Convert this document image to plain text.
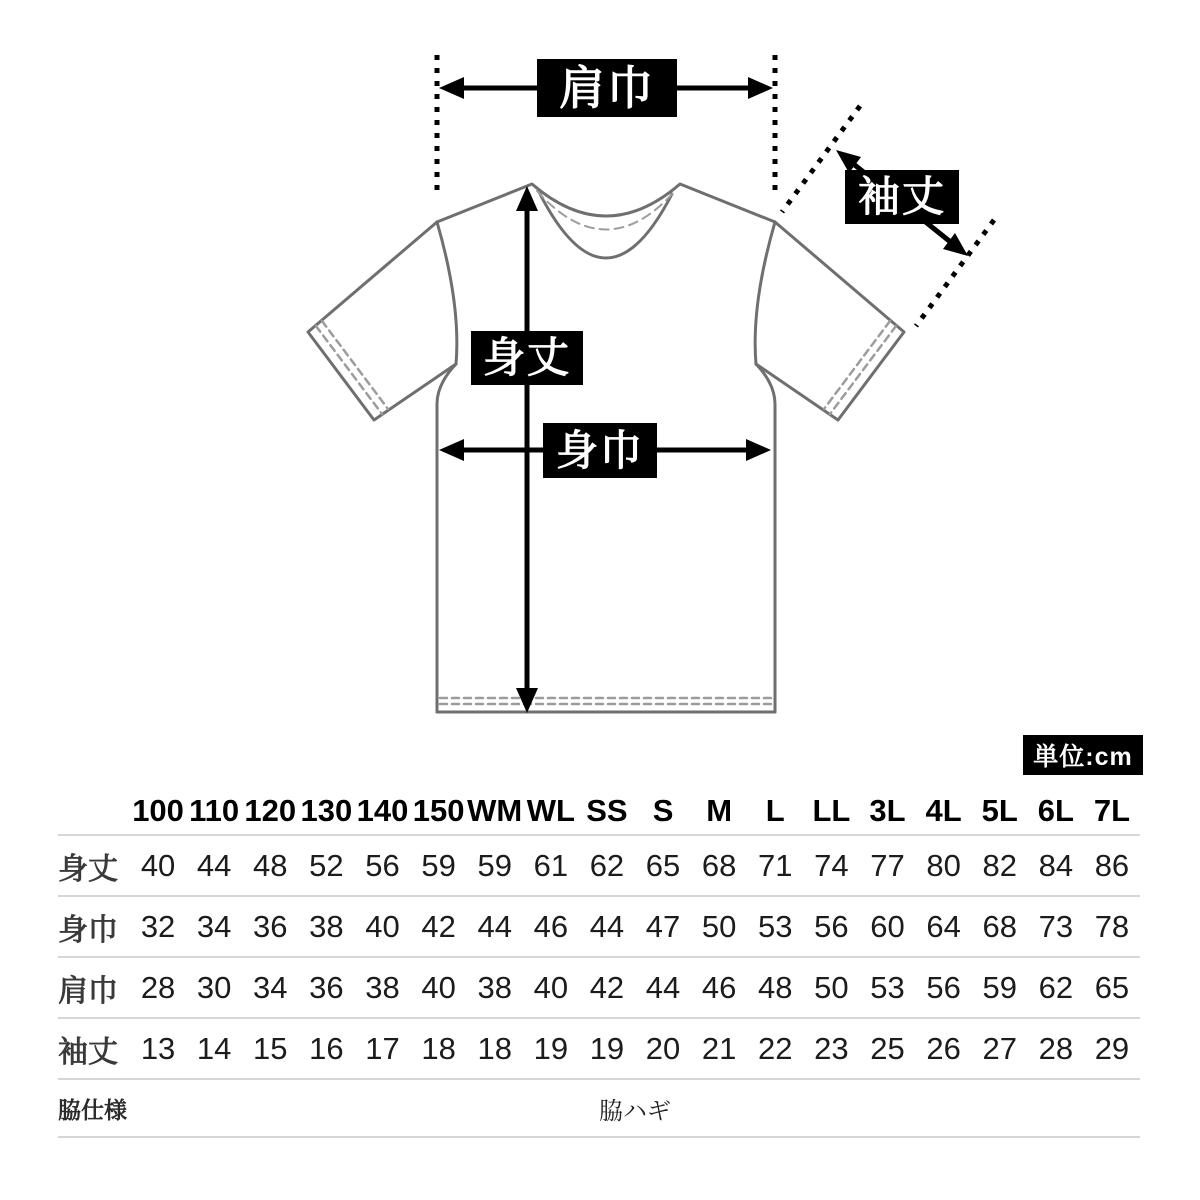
肩巾
袖丈
身丈
身巾
単位:cm
100 110 120 130 140 150 WM WL SS S	M	L LL 3L 4L 5L 6L 7L
身丈 40 44 48 52 56 59 59 61 62 65 68 71 74 77 80 82 84 86
身巾 32 34 36 38 40 42 44 46 44 47 50 53 56 60 64 68 73 78
肩巾 28 30 34 36 38 40 38 40 42 44 46 48 50 53 56 59 62 65
袖丈 13 14 15 16 17 18 18 19 19 20 21 22 23 25 26 27 28 29
脇仕様	脇ハギ
